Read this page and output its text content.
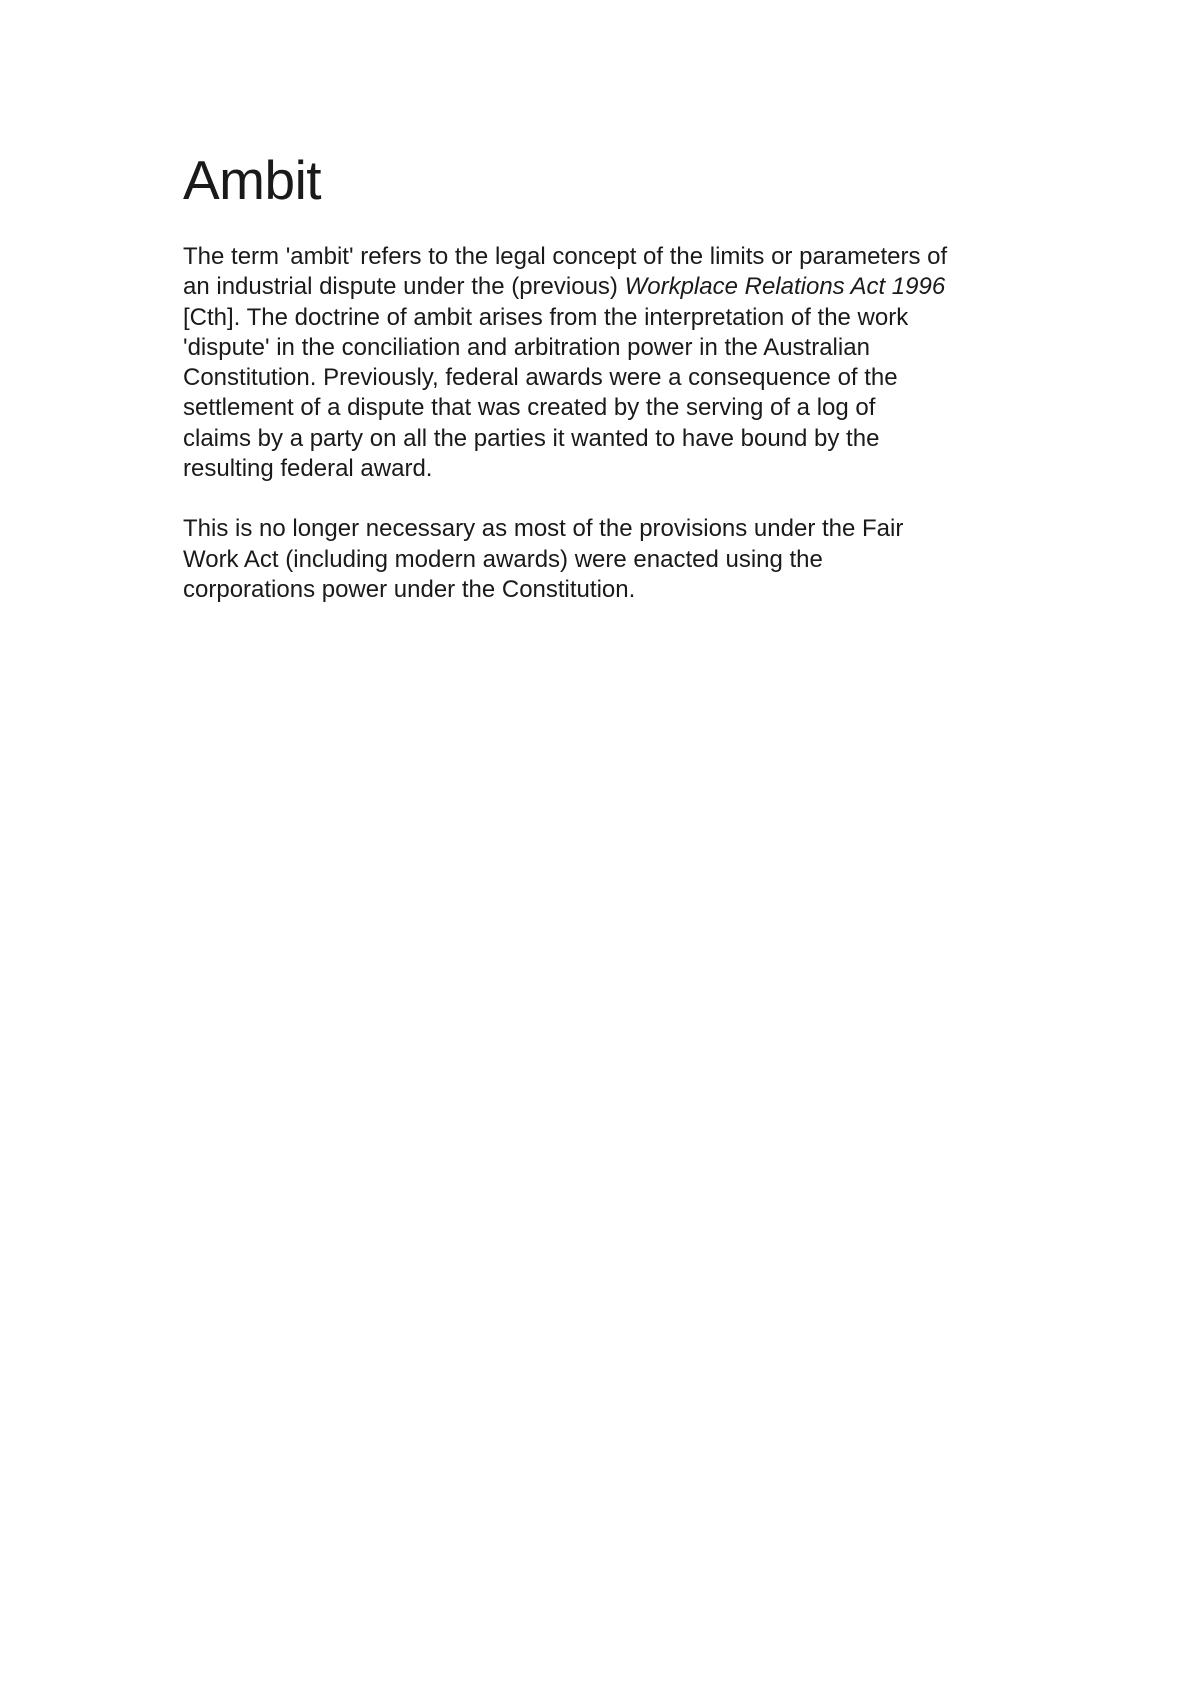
Ambit

The term 'ambit' refers to the legal concept of the limits or parameters of
an industrial dispute under the (previous) Workplace Relations Act 1996
[Cth]. The doctrine of ambit arises from the interpretation of the work
'dispute' in the conciliation and arbitration power in the Australian
Constitution. Previously, federal awards were a consequence of the
settlement of a dispute that was created by the serving of a log of
claims by a party on all the parties it wanted to have bound by the
resulting federal award.

This is no longer necessary as most of the provisions under the Fair
Work Act (including modern awards) were enacted using the
corporations power under the Constitution.
